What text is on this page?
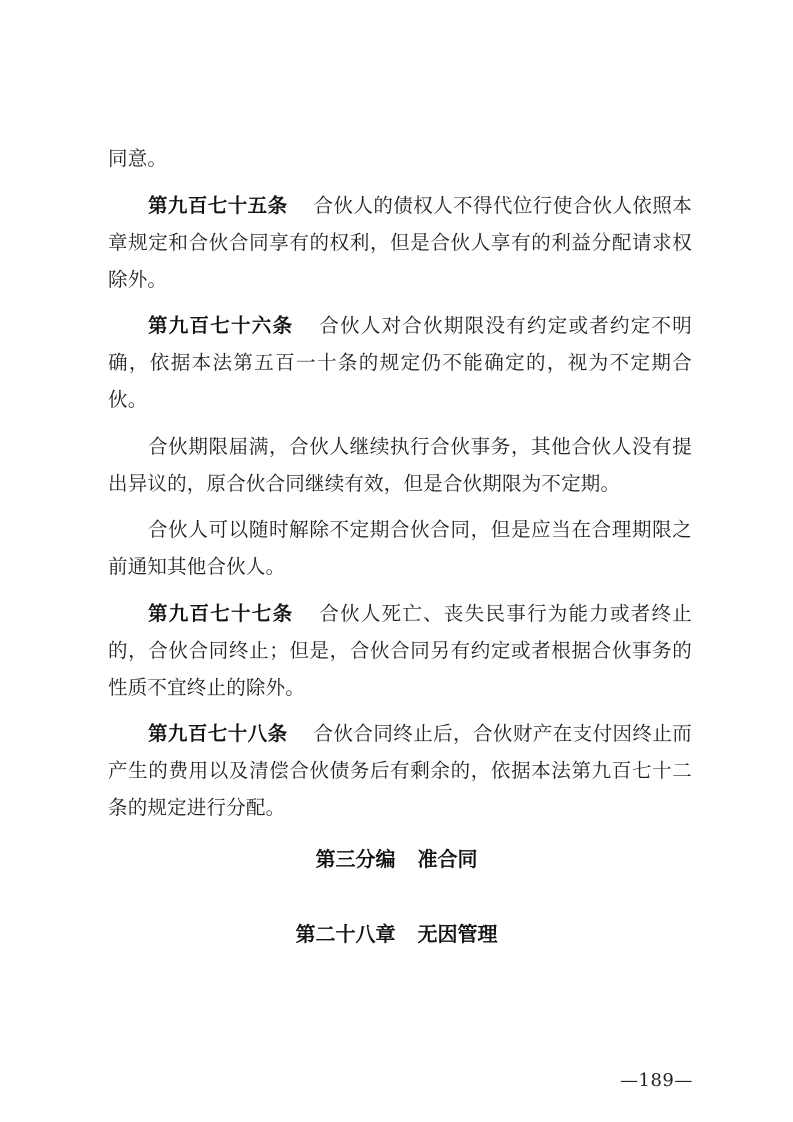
同意。

第九百七十五条 合伙人的债权人不得代位行使合伙人依照本章规定和合伙合同享有的权利，但是合伙人享有的利益分配请求权除外。

第九百七十六条 合伙人对合伙期限没有约定或者约定不明确，依据本法第五百一十条的规定仍不能确定的，视为不定期合伙。

合伙期限届满，合伙人继续执行合伙事务，其他合伙人没有提出异议的，原合伙合同继续有效，但是合伙期限为不定期。

合伙人可以随时解除不定期合伙合同，但是应当在合理期限之前通知其他合伙人。

第九百七十七条 合伙人死亡、丧失民事行为能力或者终止的，合伙合同终止；但是，合伙合同另有约定或者根据合伙事务的性质不宜终止的除外。

第九百七十八条 合伙合同终止后，合伙财产在支付因终止而产生的费用以及清偿合伙债务后有剩余的，依据本法第九百七十二条的规定进行分配。

第三分编 准合同
第二十八章 无因管理
—189—
